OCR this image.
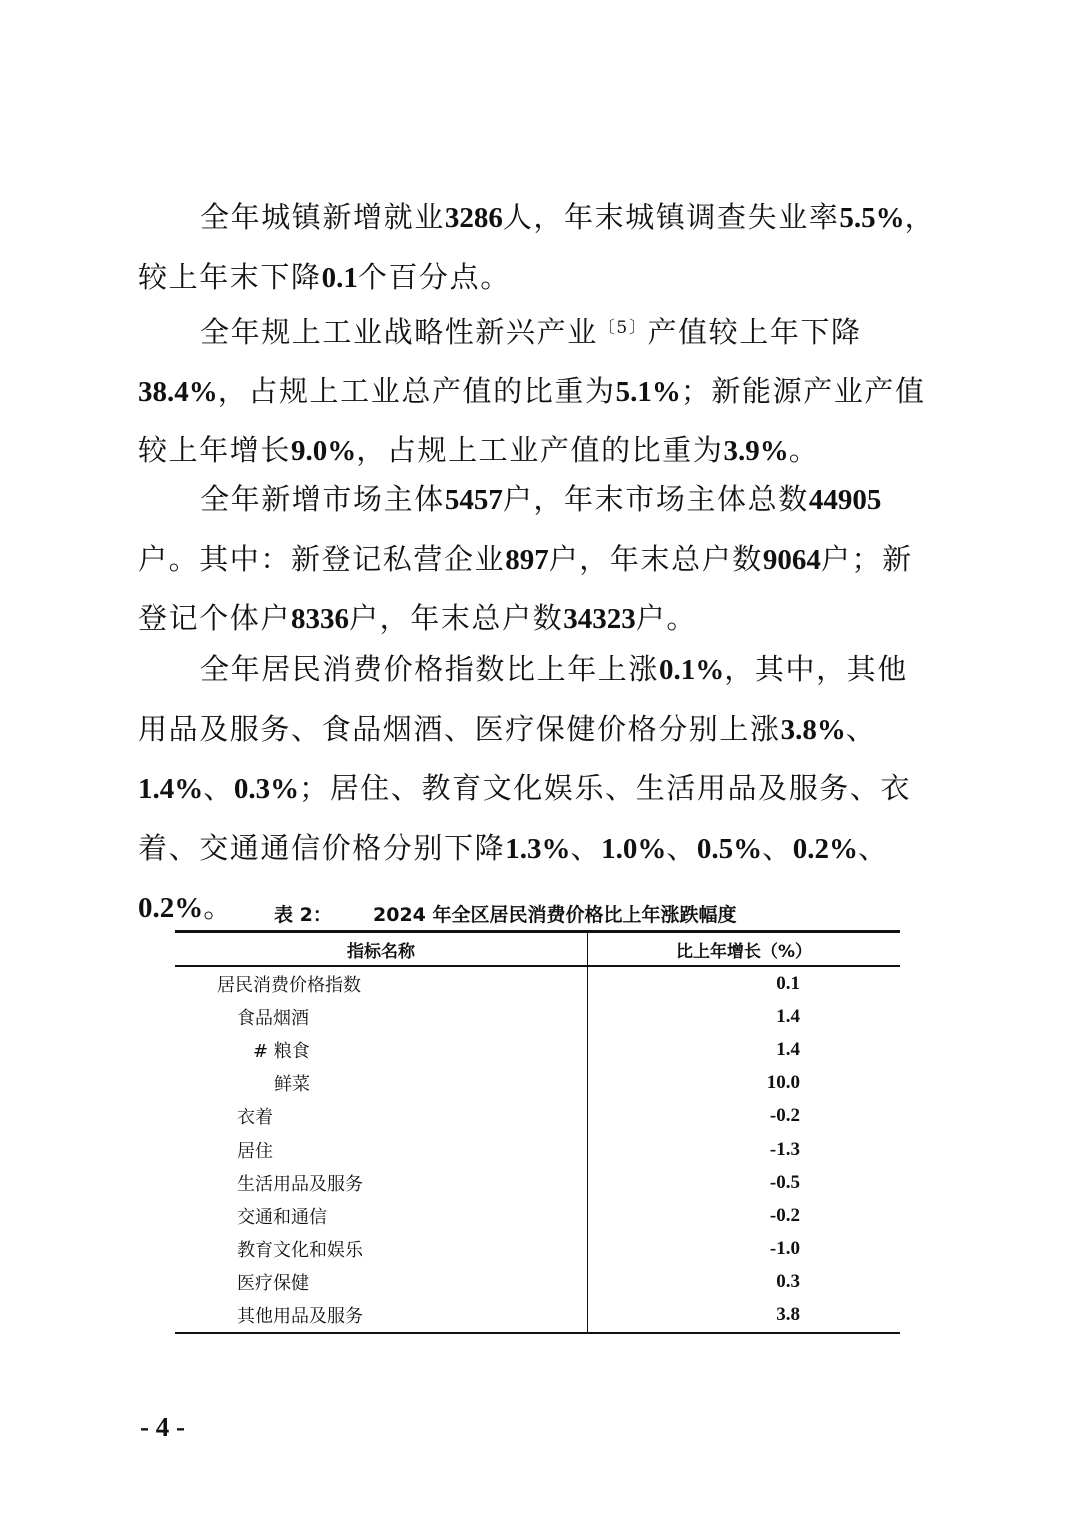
全年城镇新增就业3286人，年末城镇调查失业率5.5%，较上年末下降0.1个百分点。

全年规上工业战略性新兴产业$^{〔5〕}$产值较上年下降38.4%，占规上工业总产值的比重为5.1%；新能源产业产值较上年增长9.0%，占规上工业产值的比重为3.9%。

全年新增市场主体5457户，年末市场主体总数44905户。其中：新登记私营企业897户，年末总户数9064户；新登记个体户8336户，年末总户数34323户。

全年居民消费价格指数比上年上涨0.1%，其中，其他用品及服务、食品烟酒、医疗保健价格分别上涨3.8%、1.4%、0.3%；居住、教育文化娱乐、生活用品及服务、衣着、交通通信价格分别下降1.3%、1.0%、0.5%、0.2%、0.2%。	表 2： 2024 年全区居民消费价格比上年涨跌幅度
指标名称	比上年增长（%）
居民消费价格指数	0.1
食品烟酒	1.4
# 粮食	1.4
鲜菜	10.0
衣着	-0.2
居住	-1.3
生活用品及服务	-0.5
交通和通信	-0.2
教育文化和娱乐	-1.0
医疗保健	0.3
其他用品及服务	3.8
- 4 -
